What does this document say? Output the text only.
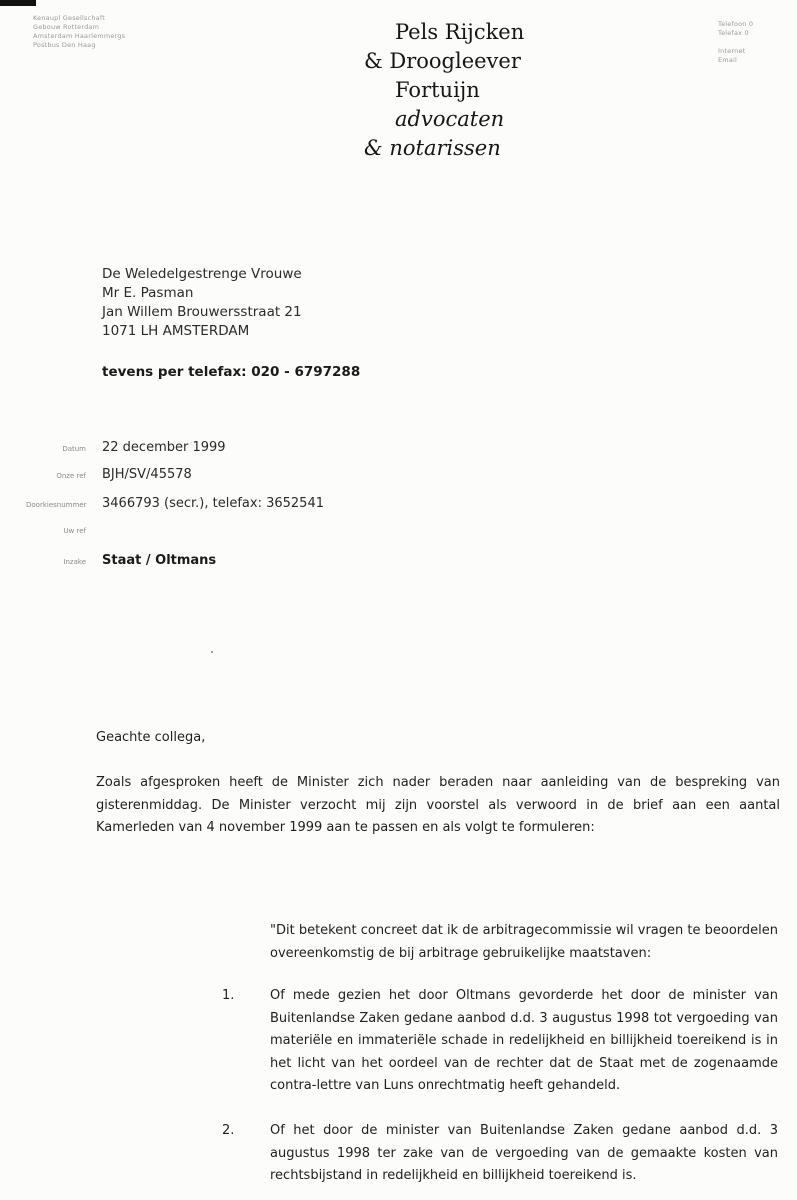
Kenaupl Gesellschaft
Gebouw Rotterdam
Amsterdam Haarlemmergs
Postbus Den Haag
Telefoon 0
Telefax 0

Internet
Email
Pels Rijcken
& Droogleever
Fortuijn
advocaten
& notarissen
De Weledelgestrenge Vrouwe
Mr E. Pasman
Jan Willem Brouwersstraat 21
1071 LH AMSTERDAM
tevens per telefax: 020 - 6797288
Datum 22 december 1999
Onze ref BJH/SV/45578
Doorkiesnummer 3466793 (secr.), telefax: 3652541
Uw ref
Inzake Staat / Oltmans
Geachte collega,
Zoals afgesproken heeft de Minister zich nader beraden naar aanleiding van de bespreking van gisterenmiddag. De Minister verzocht mij zijn voorstel als verwoord in de brief aan een aantal Kamerleden van 4 november 1999 aan te passen en als volgt te formuleren:
"Dit betekent concreet dat ik de arbitragecommissie wil vragen te beoordelen overeenkomstig de bij arbitrage gebruikelijke maatstaven:
1.	Of mede gezien het door Oltmans gevorderde het door de minister van Buitenlandse Zaken gedane aanbod d.d. 3 augustus 1998 tot vergoeding van materiële en immateriële schade in redelijkheid en billijkheid toereikend is in het licht van het oordeel van de rechter dat de Staat met de zogenaamde contra-lettre van Luns onrechtmatig heeft gehandeld.
2.	Of het door de minister van Buitenlandse Zaken gedane aanbod d.d. 3 augustus 1998 ter zake van de vergoeding van de gemaakte kosten van rechtsbijstand in redelijkheid en billijkheid toereikend is.
